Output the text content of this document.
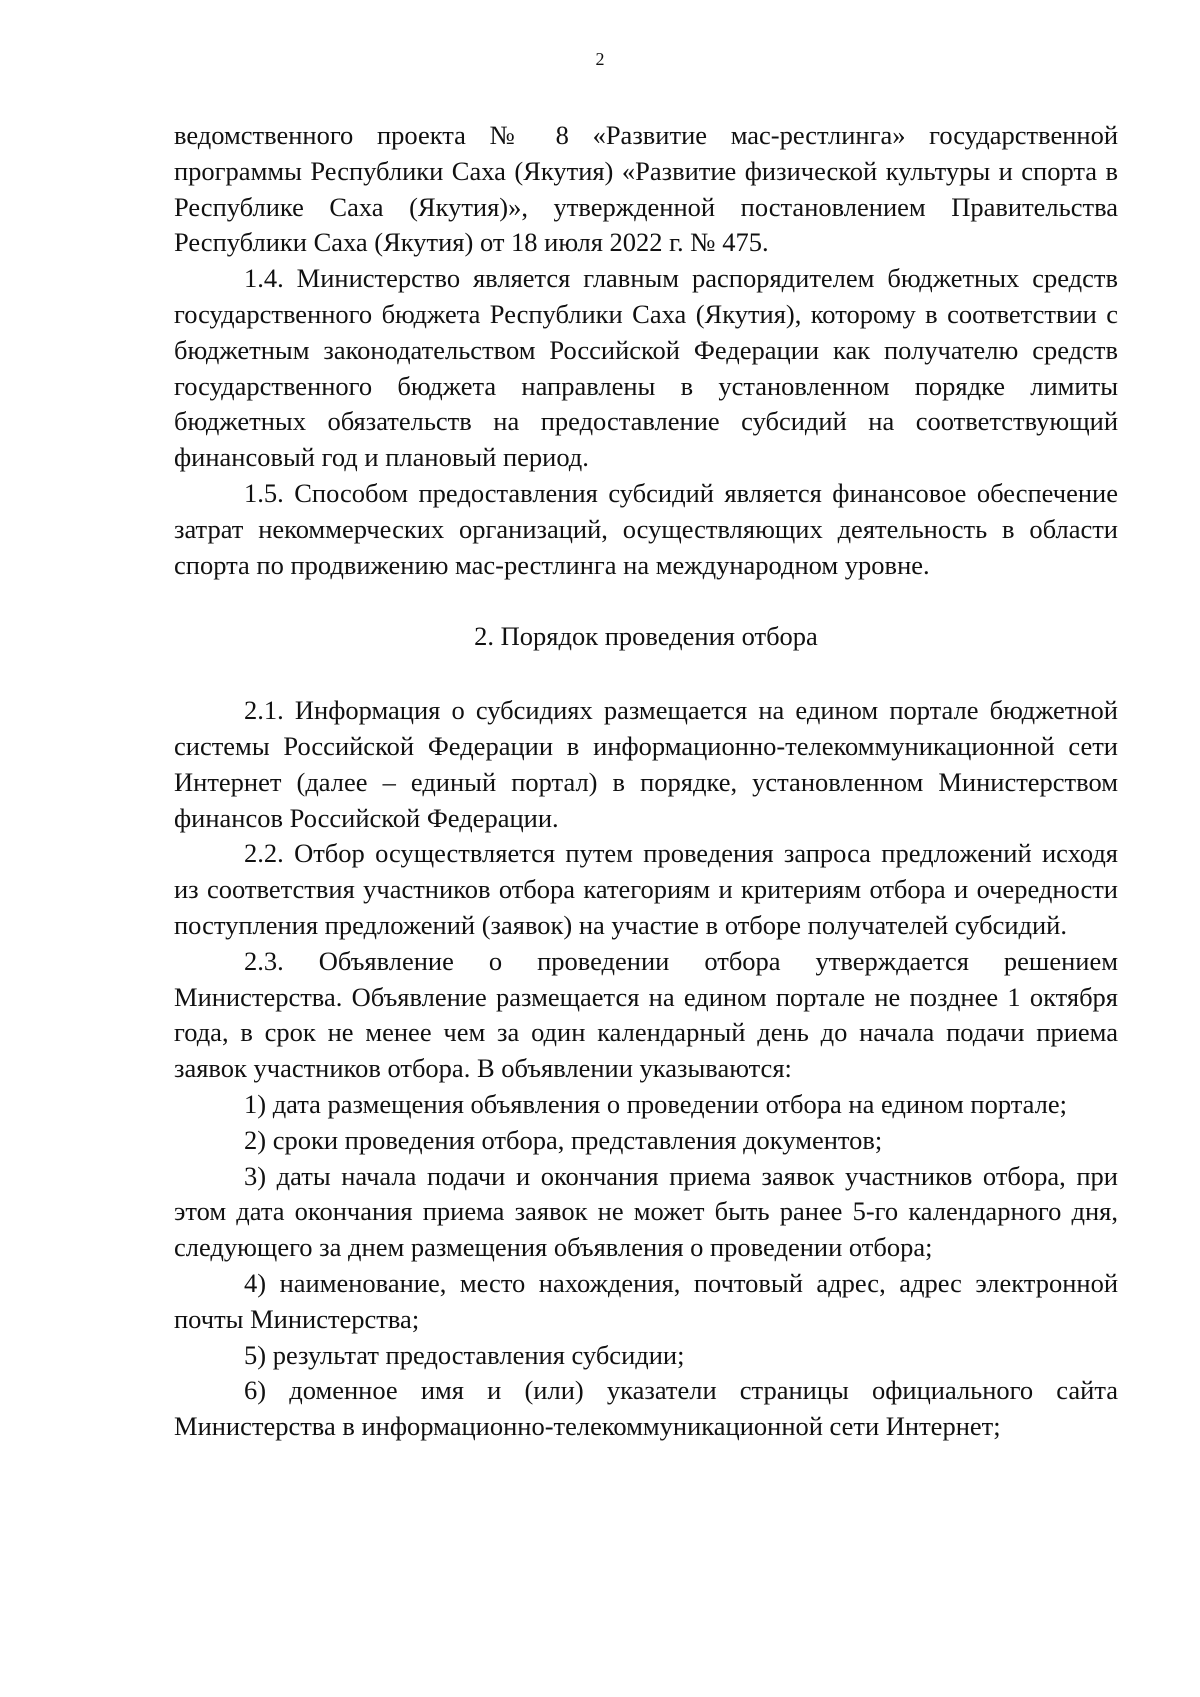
2

ведомственного проекта № 8 «Развитие мас-рестлинга» государственной программы Республики Саха (Якутия) «Развитие физической культуры и спорта в Республике Саха (Якутия)», утвержденной постановлением Правительства Республики Саха (Якутия) от 18 июля 2022 г. № 475.

1.4. Министерство является главным распорядителем бюджетных средств государственного бюджета Республики Саха (Якутия), которому в соответствии с бюджетным законодательством Российской Федерации как получателю средств государственного бюджета направлены в установленном порядке лимиты бюджетных обязательств на предоставление субсидий на соответствующий финансовый год и плановый период.

1.5. Способом предоставления субсидий является финансовое обеспечение затрат некоммерческих организаций, осуществляющих деятельность в области спорта по продвижению мас-рестлинга на международном уровне.

2. Порядок проведения отбора

2.1. Информация о субсидиях размещается на едином портале бюджетной системы Российской Федерации в информационно-телекоммуникационной сети Интернет (далее – единый портал) в порядке, установленном Министерством финансов Российской Федерации.

2.2. Отбор осуществляется путем проведения запроса предложений исходя из соответствия участников отбора категориям и критериям отбора и очередности поступления предложений (заявок) на участие в отборе получателей субсидий.

2.3. Объявление о проведении отбора утверждается решением Министерства. Объявление размещается на едином портале не позднее 1 октября года, в срок не менее чем за один календарный день до начала подачи приема заявок участников отбора. В объявлении указываются:

1) дата размещения объявления о проведении отбора на едином портале;

2) сроки проведения отбора, представления документов;

3) даты начала подачи и окончания приема заявок участников отбора, при этом дата окончания приема заявок не может быть ранее 5-го календарного дня, следующего за днем размещения объявления о проведении отбора;

4) наименование, место нахождения, почтовый адрес, адрес электронной почты Министерства;

5) результат предоставления субсидии;

6) доменное имя и (или) указатели страницы официального сайта Министерства в информационно-телекоммуникационной сети Интернет;
